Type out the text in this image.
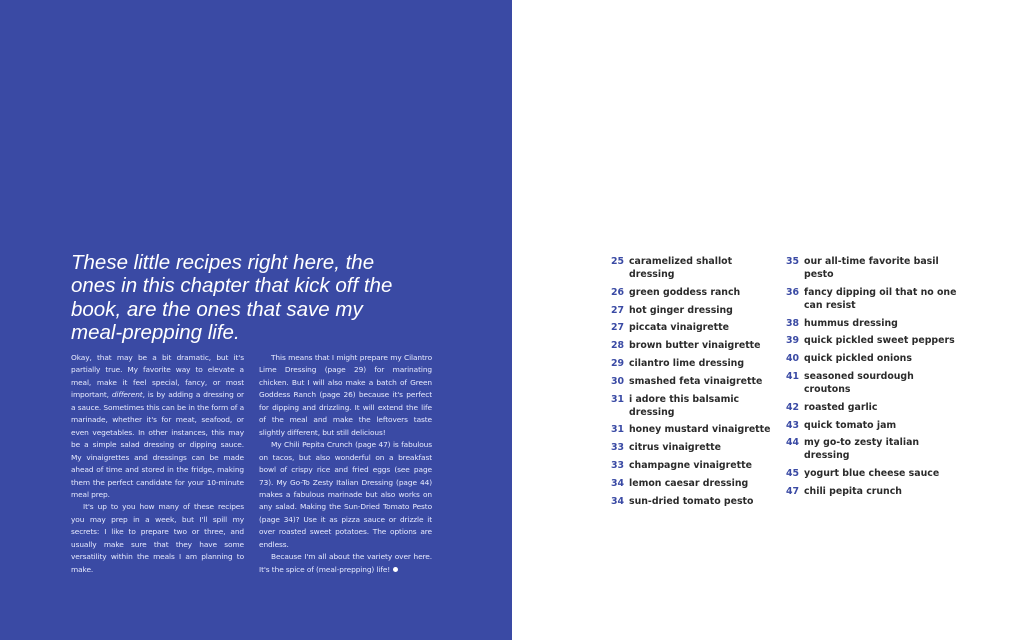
These little recipes right here, the ones in this chapter that kick off the book, are the ones that save my meal-prepping life.

Okay, that may be a bit dramatic, but it's partially true. My favorite way to elevate a meal, make it feel special, fancy, or most important, different, is by adding a dressing or a sauce. Sometimes this can be in the form of a marinade, whether it's for meat, seafood, or even vegetables. In other instances, this may be a simple salad dressing or dipping sauce. My vinaigrettes and dressings can be made ahead of time and stored in the fridge, making them the perfect candidate for your 10-minute meal prep.

It's up to you how many of these recipes you may prep in a week, but I'll spill my secrets: I like to prepare two or three, and usually make sure that they have some versatility within the meals I am planning to make.

This means that I might prepare my Cilantro Lime Dressing (page 29) for marinating chicken. But I will also make a batch of Green Goddess Ranch (page 26) because it's perfect for dipping and drizzling. It will extend the life of the meal and make the leftovers taste slightly different, but still delicious!

My Chili Pepita Crunch (page 47) is fabulous on tacos, but also wonderful on a breakfast bowl of crispy rice and fried eggs (see page 73). My Go-To Zesty Italian Dressing (page 44) makes a fabulous marinade but also works on any salad. Making the Sun-Dried Tomato Pesto (page 34)? Use it as pizza sauce or drizzle it over roasted sweet potatoes. The options are endless.

Because I'm all about the variety over here. It's the spice of (meal-prepping) life!

25 caramelized shallot dressing
26 green goddess ranch
27 hot ginger dressing
27 piccata vinaigrette
28 brown butter vinaigrette
29 cilantro lime dressing
30 smashed feta vinaigrette
31 i adore this balsamic dressing
31 honey mustard vinaigrette
33 citrus vinaigrette
33 champagne vinaigrette
34 lemon caesar dressing
34 sun-dried tomato pesto
35 our all-time favorite basil pesto
36 fancy dipping oil that no one can resist
38 hummus dressing
39 quick pickled sweet peppers
40 quick pickled onions
41 seasoned sourdough croutons
42 roasted garlic
43 quick tomato jam
44 my go-to zesty italian dressing
45 yogurt blue cheese sauce
47 chili pepita crunch
